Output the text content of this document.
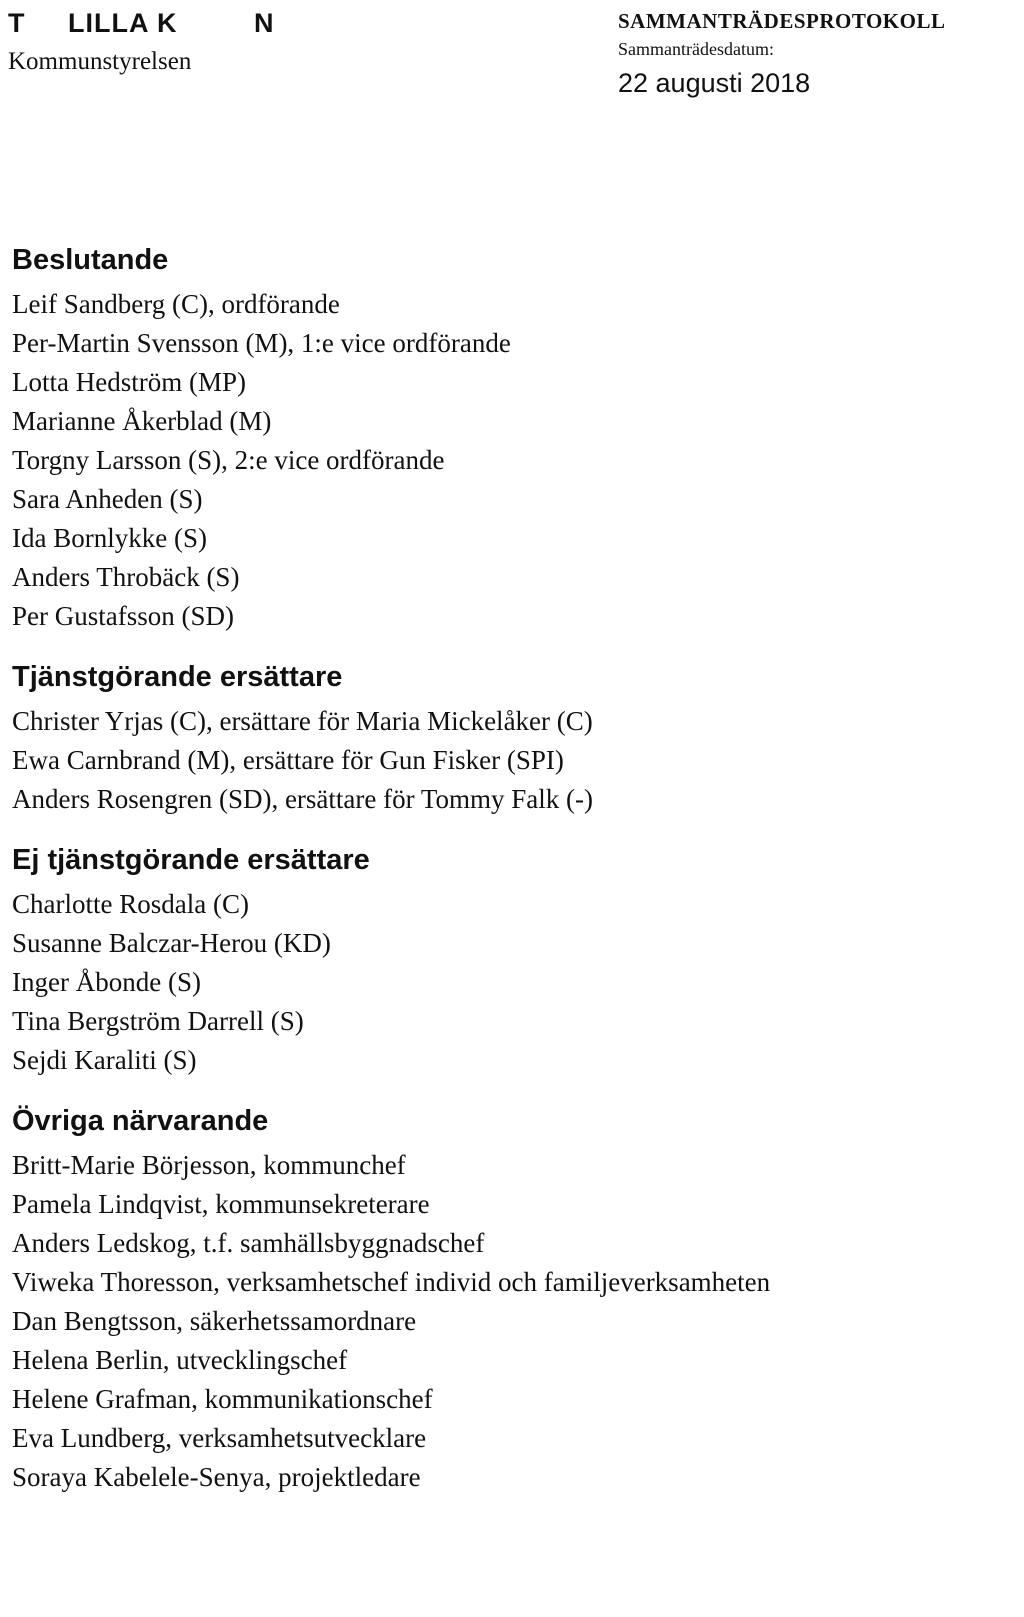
T     LILLA K         N
Kommunstyrelsen
SAMMANTRÄDESPROTOKOLL
Sammanträdesdatum:
22 augusti 2018
Beslutande
Leif Sandberg (C), ordförande
Per-Martin Svensson (M), 1:e vice ordförande
Lotta Hedström (MP)
Marianne Åkerblad (M)
Torgny Larsson (S), 2:e vice ordförande
Sara Anheden (S)
Ida Bornlykke (S)
Anders Throbäck (S)
Per Gustafsson (SD)
Tjänstgörande ersättare
Christer Yrjas (C), ersättare för Maria Mickelåker (C)
Ewa Carnbrand (M), ersättare för Gun Fisker (SPI)
Anders Rosengren (SD), ersättare för Tommy Falk (-)
Ej tjänstgörande ersättare
Charlotte Rosdala (C)
Susanne Balczar-Herou (KD)
Inger Åbonde (S)
Tina Bergström Darrell (S)
Sejdi Karaliti (S)
Övriga närvarande
Britt-Marie Börjesson, kommunchef
Pamela Lindqvist, kommunsekreterare
Anders Ledskog, t.f. samhällsbyggnadschef
Viweka Thoresson, verksamhetschef individ och familjeverksamheten
Dan Bengtsson, säkerhetssamordnare
Helena Berlin, utvecklingschef
Helene Grafman, kommunikationschef
Eva Lundberg, verksamhetsutvecklare
Soraya Kabelele-Senya, projektledare
